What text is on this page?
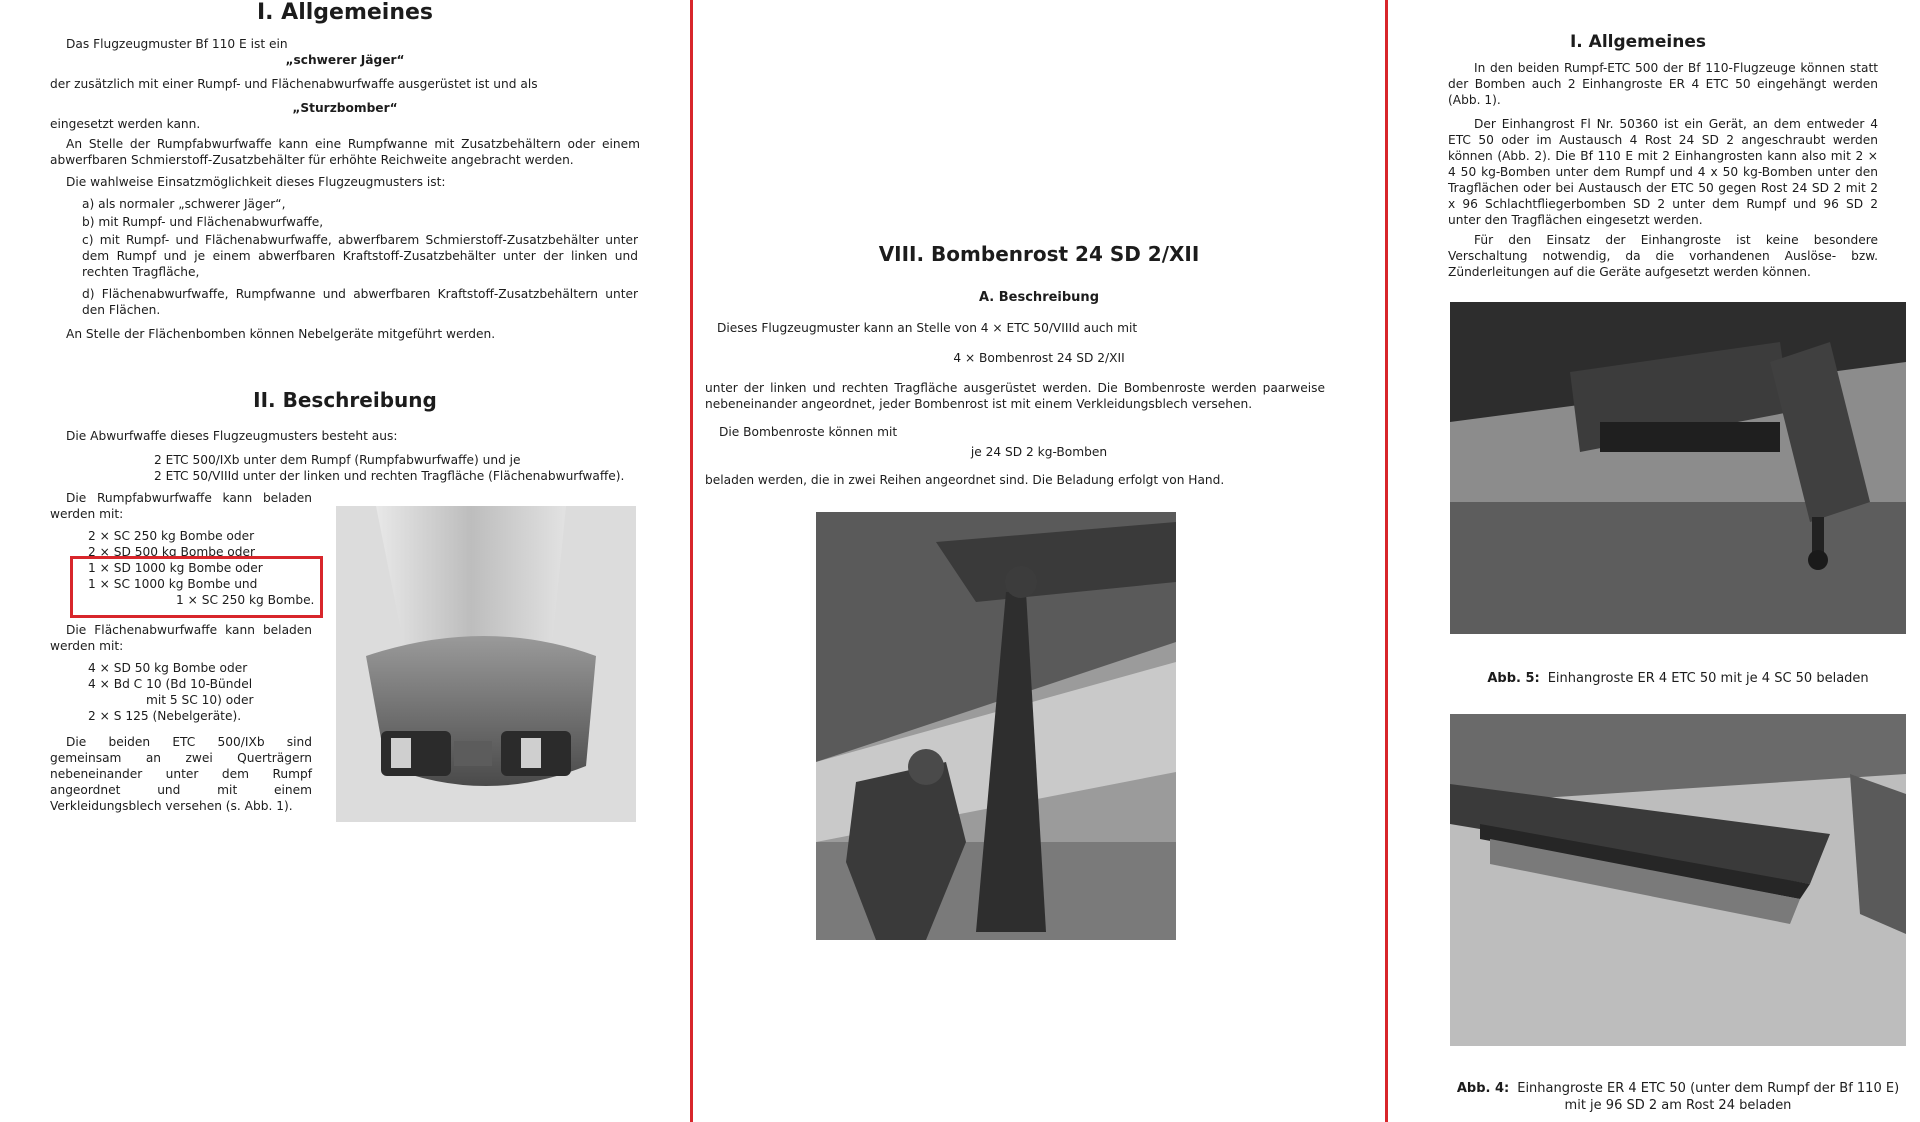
I. Allgemeines
Das Flugzeugmuster Bf 110 E ist ein
„schwerer Jäger“
der zusätzlich mit einer Rumpf- und Flächenabwurfwaffe ausgerüstet ist und als
„Sturzbomber“
eingesetzt werden kann.
An Stelle der Rumpfabwurfwaffe kann eine Rumpfwanne mit Zusatzbehältern oder einem abwerfbaren Schmierstoff-Zusatzbehälter für erhöhte Reichweite angebracht werden.
Die wahlweise Einsatzmöglichkeit dieses Flugzeugmusters ist:
a) als normaler „schwerer Jäger“,
b) mit Rumpf- und Flächenabwurfwaffe,
c) mit Rumpf- und Flächenabwurfwaffe, abwerfbarem Schmierstoff-Zusatzbehälter unter dem Rumpf und je einem abwerfbaren Kraftstoff-Zusatzbehälter unter der linken und rechten Tragfläche,
d) Flächenabwurfwaffe, Rumpfwanne und abwerfbaren Kraftstoff-Zusatzbehältern unter den Flächen.
An Stelle der Flächenbomben können Nebelgeräte mitgeführt werden.
II. Beschreibung
Die Abwurfwaffe dieses Flugzeugmusters besteht aus:
2 ETC 500/IXb unter dem Rumpf (Rumpfabwurfwaffe) und je
2 ETC 50/VIIId unter der linken und rechten Tragfläche (Flächenabwurfwaffe).
Die Rumpfabwurfwaffe kann beladen werden mit:
2 × SC 250 kg Bombe oder
2 × SD 500 kg Bombe oder
1 × SD 1000 kg Bombe oder
1 × SC 1000 kg Bombe und
1 × SC 250 kg Bombe.
Die Flächenabwurfwaffe kann beladen werden mit:
4 × SD 50 kg Bombe oder
4 × Bd C 10 (Bd 10-Bündel
mit 5 SC 10) oder
2 × S 125 (Nebelgeräte).
Die beiden ETC 500/IXb sind gemeinsam an zwei Querträgern nebeneinander unter dem Rumpf angeordnet und mit einem Verkleidungsblech versehen (s. Abb. 1).
VIII. Bombenrost 24 SD 2/XII
A. Beschreibung
Dieses Flugzeugmuster kann an Stelle von 4 × ETC 50/VIIId auch mit
4 × Bombenrost 24 SD 2/XII
unter der linken und rechten Tragfläche ausgerüstet werden. Die Bombenroste werden paarweise nebeneinander angeordnet, jeder Bombenrost ist mit einem Verkleidungsblech versehen.
Die Bombenroste können mit
je 24 SD 2 kg-Bomben
beladen werden, die in zwei Reihen angeordnet sind. Die Beladung erfolgt von Hand.
I. Allgemeines
In den beiden Rumpf-ETC 500 der Bf 110-Flugzeuge können statt der Bomben auch 2 Einhangroste ER 4 ETC 50 eingehängt werden (Abb. 1).
Der Einhangrost Fl Nr. 50360 ist ein Gerät, an dem entweder 4 ETC 50 oder im Austausch 4 Rost 24 SD 2 angeschraubt werden können (Abb. 2). Die Bf 110 E mit 2 Einhangrosten kann also mit 2 × 4 50 kg-Bomben unter dem Rumpf und 4 x 50 kg-Bomben unter den Tragflächen oder bei Austausch der ETC 50 gegen Rost 24 SD 2 mit 2 x 96 Schlachtfliegerbomben SD 2 unter dem Rumpf und 96 SD 2 unter den Tragflächen eingesetzt werden.
Für den Einsatz der Einhangroste ist keine besondere Verschaltung notwendig, da die vorhandenen Auslöse- bzw. Zünderleitungen auf die Geräte aufgesetzt werden können.
Abb. 5: Einhangroste ER 4 ETC 50 mit je 4 SC 50 beladen
Abb. 4: Einhangroste ER 4 ETC 50 (unter dem Rumpf der Bf 110 E) mit je 96 SD 2 am Rost 24 beladen
